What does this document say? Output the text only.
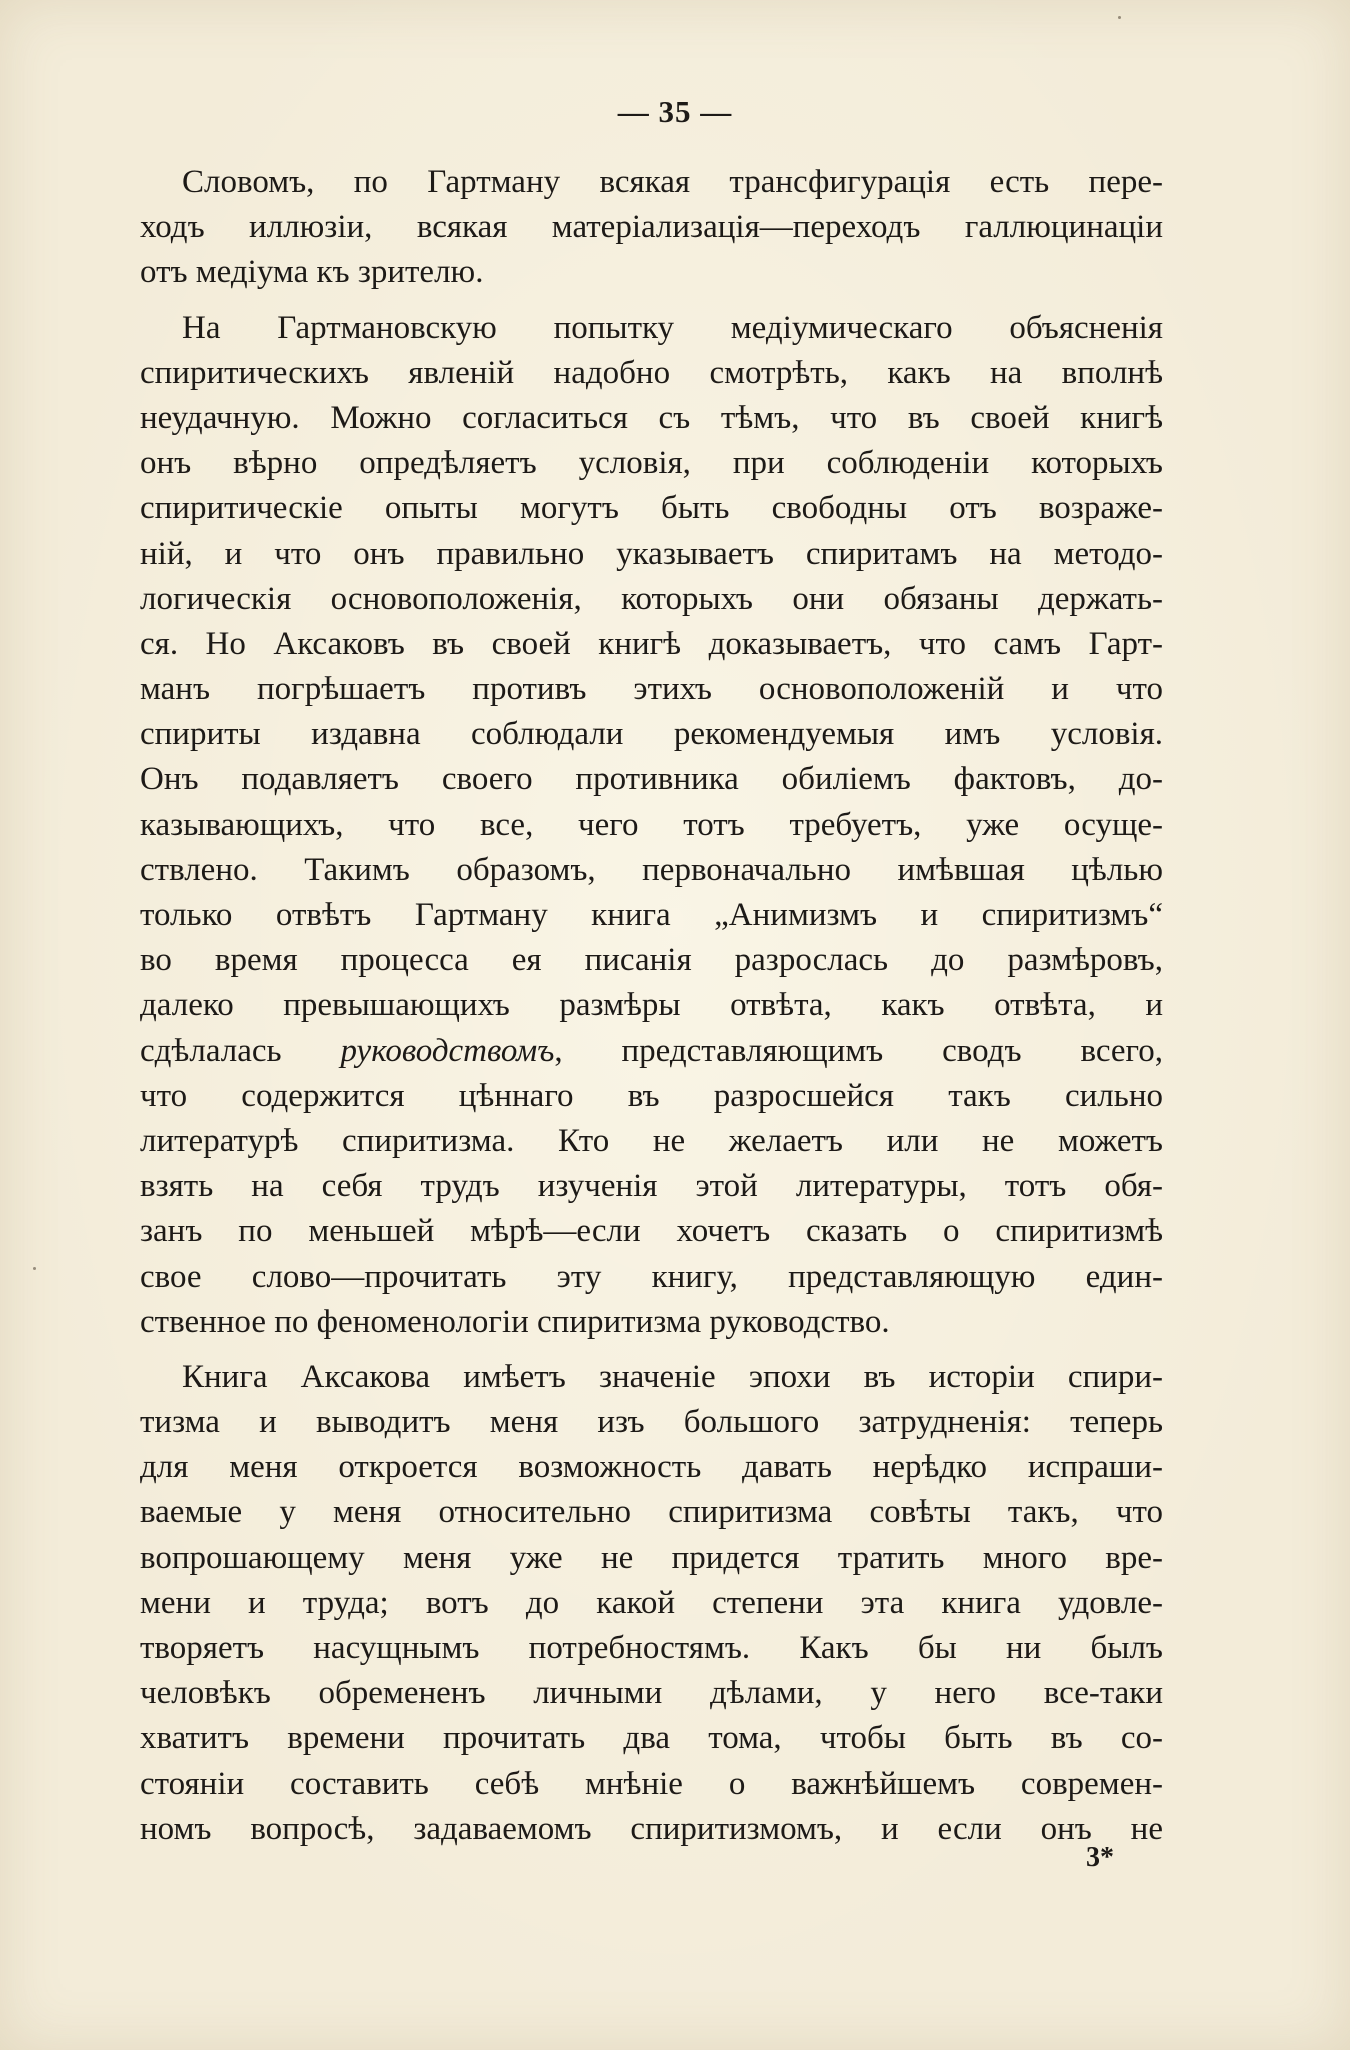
— 35 —
Словомъ, по Гартману всякая трансфигурація есть пере-
ходъ иллюзіи, всякая матеріализація—переходъ галлюцинаціи
отъ медіума къ зрителю.
На Гартмановскую попытку медіумическаго объясненія
спиритическихъ явленій надобно смотрѣть, какъ на вполнѣ
неудачную. Можно согласиться съ тѣмъ, что въ своей книгѣ
онъ вѣрно опредѣляетъ условія, при соблюденіи которыхъ
спиритическіе опыты могутъ быть свободны отъ возраже-
ній, и что онъ правильно указываетъ спиритамъ на методо-
логическія основоположенія, которыхъ они обязаны держать-
ся. Но Аксаковъ въ своей книгѣ доказываетъ, что самъ Гарт-
манъ погрѣшаетъ противъ этихъ основоположеній и что
спириты издавна соблюдали рекомендуемыя имъ условія.
Онъ подавляетъ своего противника обиліемъ фактовъ, до-
казывающихъ, что все, чего тотъ требуетъ, уже осуще-
ствлено. Такимъ образомъ, первоначально имѣвшая цѣлью
только отвѣтъ Гартману книга „Анимизмъ и спиритизмъ“
во время процесса ея писанія разрослась до размѣровъ,
далеко превышающихъ размѣры отвѣта, какъ отвѣта, и
сдѣлалась руководствомъ, представляющимъ сводъ всего,
что содержится цѣннаго въ разросшейся такъ сильно
литературѣ спиритизма. Кто не желаетъ или не можетъ
взять на себя трудъ изученія этой литературы, тотъ обя-
занъ по меньшей мѣрѣ—если хочетъ сказать о спиритизмѣ
свое слово—прочитать эту книгу, представляющую един-
ственное по феноменологіи спиритизма руководство.
Книга Аксакова имѣетъ значеніе эпохи въ исторіи спири-
тизма и выводитъ меня изъ большого затрудненія: теперь
для меня откроется возможность давать нерѣдко испраши-
ваемые у меня относительно спиритизма совѣты такъ, что
вопрошающему меня уже не придется тратить много вре-
мени и труда; вотъ до какой степени эта книга удовле-
творяетъ насущнымъ потребностямъ. Какъ бы ни былъ
человѣкъ обремененъ личными дѣлами, у него все-таки
хватитъ времени прочитать два тома, чтобы быть въ со-
стояніи составить себѣ мнѣніе о важнѣйшемъ современ-
номъ вопросѣ, задаваемомъ спиритизмомъ, и если онъ не
3*
